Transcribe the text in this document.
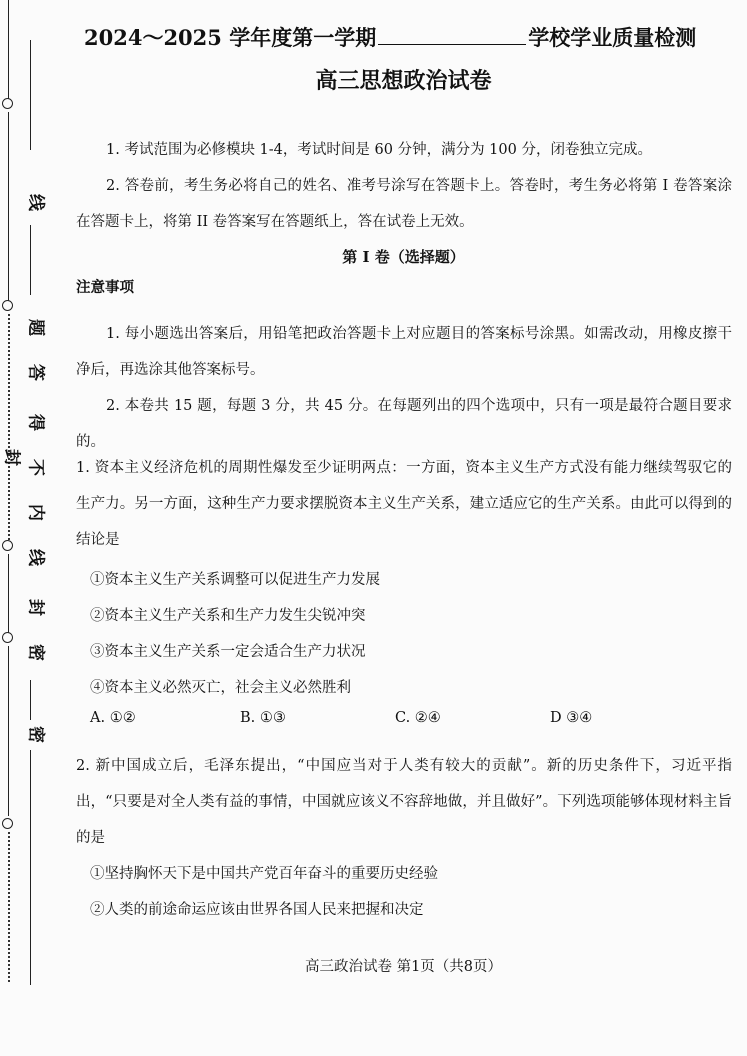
线
题
答
得
不
内
线
封
密
封
密
2024～2025 学年度第一学期	学校学业质量检测
高三思想政治试卷
1. 考试范围为必修模块 1-4，考试时间是 60 分钟，满分为 100 分，闭卷独立完成。
2. 答卷前，考生务必将自己的姓名、准考号涂写在答题卡上。答卷时，考生务必将第 I 卷答案涂在答题卡上，将第 II 卷答案写在答题纸上，答在试卷上无效。
第 I 卷（选择题）
注意事项
1. 每小题选出答案后，用铅笔把政治答题卡上对应题目的答案标号涂黑。如需改动，用橡皮擦干净后，再选涂其他答案标号。
2. 本卷共 15 题，每题 3 分，共 45 分。在每题列出的四个选项中，只有一项是最符合题目要求的。
1. 资本主义经济危机的周期性爆发至少证明两点：一方面，资本主义生产方式没有能力继续驾驭它的生产力。另一方面，这种生产力要求摆脱资本主义生产关系，建立适应它的生产关系。由此可以得到的结论是
①资本主义生产关系调整可以促进生产力发展
②资本主义生产关系和生产力发生尖锐冲突
③资本主义生产关系一定会适合生产力状况
④资本主义必然灭亡，社会主义必然胜利
A. ①②	B. ①③	C. ②④	D ③④
2. 新中国成立后，毛泽东提出，“中国应当对于人类有较大的贡献”。新的历史条件下，习近平指出，“只要是对全人类有益的事情，中国就应该义不容辞地做，并且做好”。下列选项能够体现材料主旨的是
①坚持胸怀天下是中国共产党百年奋斗的重要历史经验
②人类的前途命运应该由世界各国人民来把握和决定
高三政治试卷 第1页（共8页）
